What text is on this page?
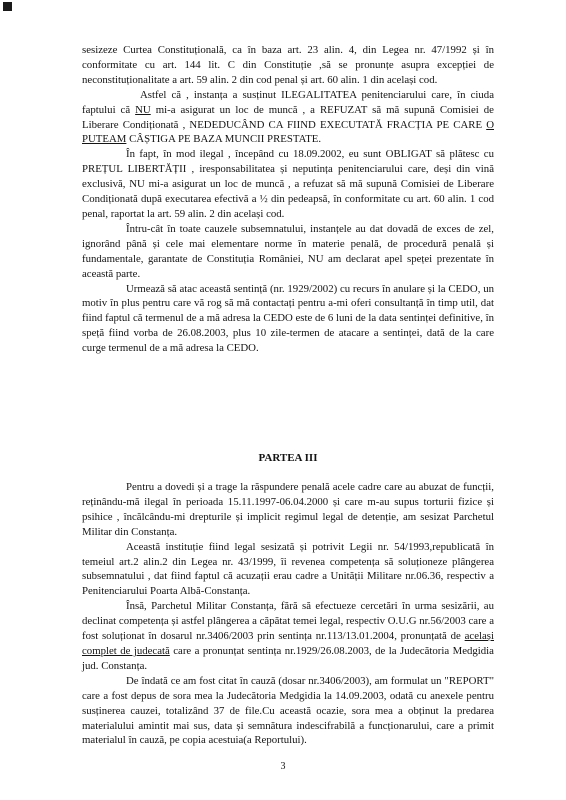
sesizeze Curtea Constituțională, ca în baza art. 23 alin. 4, din Legea nr. 47/1992 și în conformitate cu art. 144 lit. C din Constituție ,să se pronunțe asupra excepției de neconstituționalitate a art. 59 alin. 2 din cod penal și art. 60 alin. 1 din același cod.

Astfel că , instanța a susținut ILEGALITATEA penitenciarului care, în ciuda faptului că NU mi-a asigurat un loc de muncă , a REFUZAT să mă supună Comisiei de Liberare Condiționată , NEDEDUCÂND CA FIIND EXECUTATĂ FRACȚIA PE CARE O PUTEAM CÂȘTIGA PE BAZA MUNCII PRESTATE.

În fapt, în mod ilegal , începând cu 18.09.2002, eu sunt OBLIGAT să plătesc cu PREȚUL LIBERTĂȚII , iresponsabilitatea și neputința penitenciarului care, deși din vină exclusivă, NU mi-a asigurat un loc de muncă , a refuzat să mă supună Comisiei de Liberare Condiționată după executarea efectivă a ½ din pedeapsă, în conformitate cu art. 60 alin. 1 cod penal, raportat la art. 59 alin. 2 din același cod.

Întru-cât în toate cauzele subsemnatului, instanțele au dat dovadă de exces de zel, ignorând până și cele mai elementare norme în materie penală, de procedură penală și fundamentale, garantate de Constituția României, NU am declarat apel speței prezentate în această parte.

Urmează să atac această sentință (nr. 1929/2002) cu recurs în anulare și la CEDO, un motiv în plus pentru care vă rog să mă contactați pentru a-mi oferi consultanță în timp util, dat fiind faptul că termenul de a mă adresa la CEDO este de 6 luni de la data sentinței definitive, în speță fiind vorba de 26.08.2003, plus 10 zile-termen de atacare a sentinței, dată de la care curge termenul de a mă adresa la CEDO.

PARTEA III

Pentru a dovedi și a trage la răspundere penală acele cadre care au abuzat de funcții, reținându-mă ilegal în perioada 15.11.1997-06.04.2000 și care m-au supus torturii fizice și psihice , încălcându-mi drepturile și implicit regimul legal de detenție, am sesizat Parchetul Militar din Constanța.

Această instituție fiind legal sesizată și potrivit Legii nr. 54/1993,republicată în temeiul art.2 alin.2 din Legea nr. 43/1999, îi revenea competența să soluționeze plângerea subsemnatului , dat fiind faptul că acuzații erau cadre a Unității Militare nr.06.36, respectiv a Penitenciarului Poarta Albă-Constanța.

Însă, Parchetul Militar Constanța, fără să efectueze cercetări în urma sesizării, au declinat competența și astfel plângerea a căpătat temei legal, respectiv O.U.G nr.56/2003 care a fost soluționat în dosarul nr.3406/2003 prin sentința nr.113/13.01.2004, pronunțată de același complet de judecată care a pronunțat sentința nr.1929/26.08.2003, de la Judecătoria Medgidia jud. Constanța.

De îndată ce am fost citat în cauză (dosar nr.3406/2003), am formulat un "REPORT" care a fost depus de sora mea la Judecătoria Medgidia la 14.09.2003, odată cu anexele pentru susținerea cauzei, totalizând 37 de file.Cu această ocazie, sora mea a obținut la predarea materialului amintit mai sus, data și semnătura indescifrabilă a funcționarului, care a primit materialul în cauză, pe copia acestuia(a Reportului).

3
